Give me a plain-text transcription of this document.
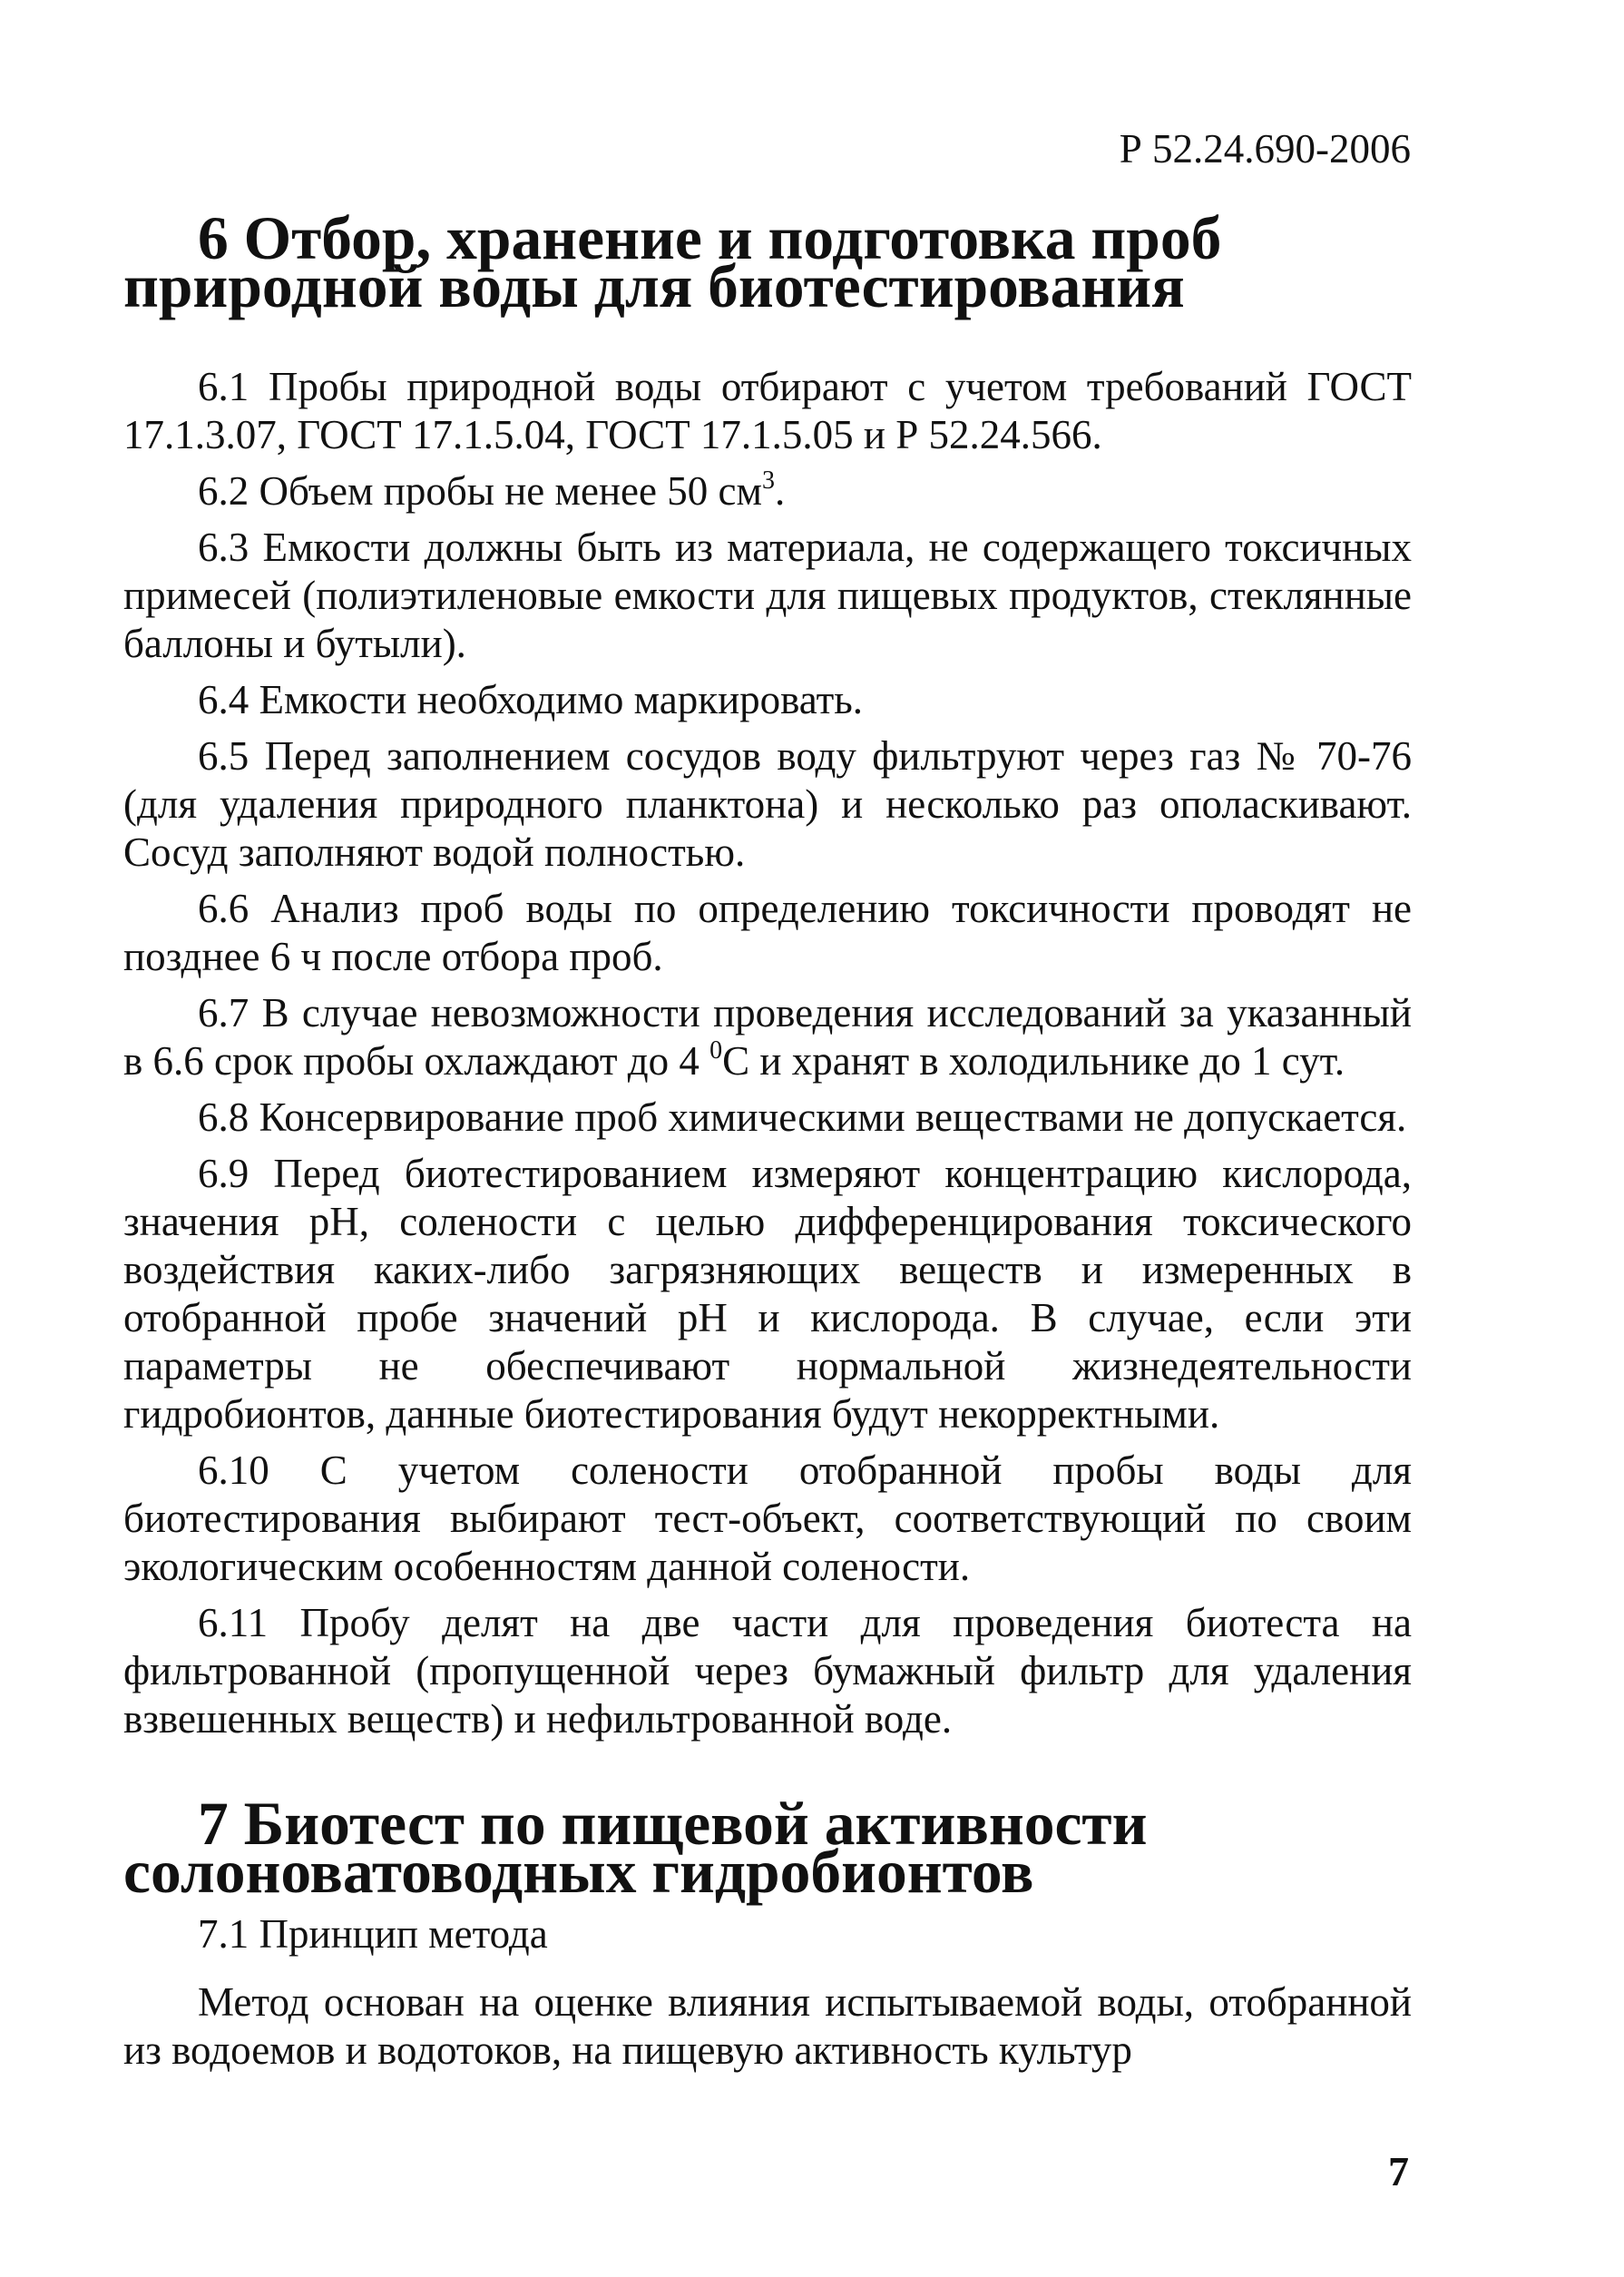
Р 52.24.690-2006
6 Отбор, хранение и подготовка проб природной воды для биотестирования

6.1 Пробы природной воды отбирают с учетом требований ГОСТ 17.1.3.07, ГОСТ 17.1.5.04, ГОСТ 17.1.5.05 и Р 52.24.566.

6.2 Объем пробы не менее 50 $см^3$.

6.3 Емкости должны быть из материала, не содержащего токсичных примесей (полиэтиленовые емкости для пищевых продуктов, стеклянные баллоны и бутыли).

6.4 Емкости необходимо маркировать.

6.5 Перед заполнением сосудов воду фильтруют через газ № 70-76 (для удаления природного планктона) и несколько раз ополаскивают. Сосуд заполняют водой полностью.

6.6 Анализ проб воды по определению токсичности проводят не позднее 6 ч после отбора проб.

6.7 В случае невозможности проведения исследований за указанный в 6.6 срок пробы охлаждают до 4 $^0$С и хранят в холодильнике до 1 сут.

6.8 Консервирование проб химическими веществами не допускается.

6.9 Перед биотестированием измеряют концентрацию кислорода, значения рН, солености с целью дифференцирования токсического воздействия каких-либо загрязняющих веществ и измеренных в отобранной пробе значений рН и кислорода. В случае, если эти параметры не обеспечивают нормальной жизнедеятельности гидробионтов, данные биотестирования будут некорректными.

6.10 С учетом солености отобранной пробы воды для биотестирования выбирают тест-объект, соответствующий по своим экологическим особенностям данной солености.

6.11 Пробу делят на две части для проведения биотеста на фильтрованной (пропущенной через бумажный фильтр для удаления взвешенных веществ) и нефильтрованной воде.

7 Биотест по пищевой активности солоноватоводных гидробионтов

7.1 Принцип метода

Метод основан на оценке влияния испытываемой воды, отобранной из водоемов и водотоков, на пищевую активность культур

7
